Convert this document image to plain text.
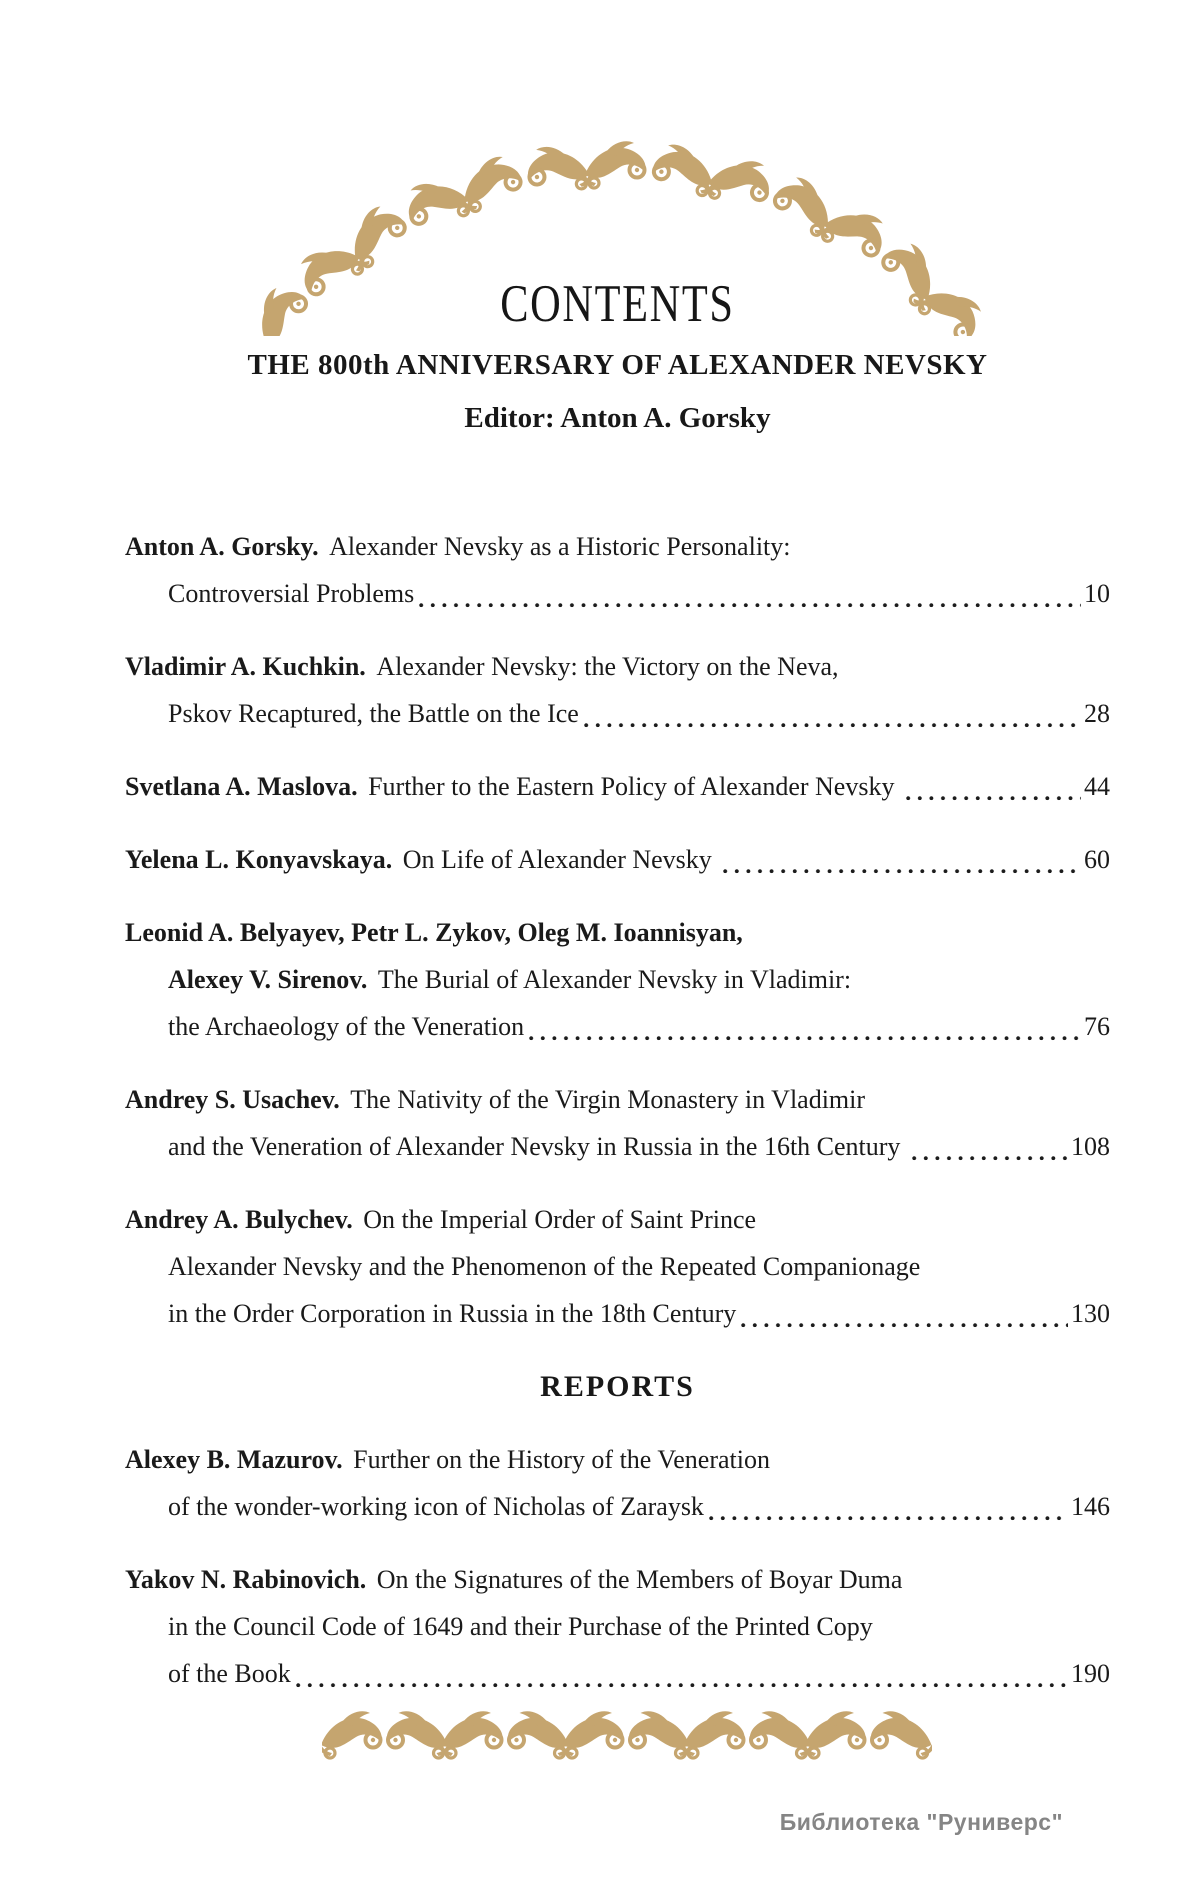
CONTENTS
THE 800th ANNIVERSARY OF ALEXANDER NEVSKY
Editor: Anton A. Gorsky
Anton A. Gorsky. Alexander Nevsky as a Historic Personality:
Controversial Problems	10
Vladimir A. Kuchkin. Alexander Nevsky: the Victory on the Neva,
Pskov Recaptured, the Battle on the Ice	28
Svetlana A. Maslova. Further to the Eastern Policy of Alexander Nevsky	44
Yelena L. Konyavskaya. On Life of Alexander Nevsky	60
Leonid A. Belyayev, Petr L. Zykov, Oleg M. Ioannisyan,
Alexey V. Sirenov. The Burial of Alexander Nevsky in Vladimir:
the Archaeology of the Veneration	76
Andrey S. Usachev. The Nativity of the Virgin Monastery in Vladimir
and the Veneration of Alexander Nevsky in Russia in the 16th Century	108
Andrey A. Bulychev. On the Imperial Order of Saint Prince
Alexander Nevsky and the Phenomenon of the Repeated Companionage
in the Order Corporation in Russia in the 18th Century	130
REPORTS
Alexey B. Mazurov. Further on the History of the Veneration
of the wonder-working icon of Nicholas of Zaraysk	146
Yakov N. Rabinovich. On the Signatures of the Members of Boyar Duma
in the Council Code of 1649 and their Purchase of the Printed Copy
of the Book	190
Библиотека "Руниверс"
